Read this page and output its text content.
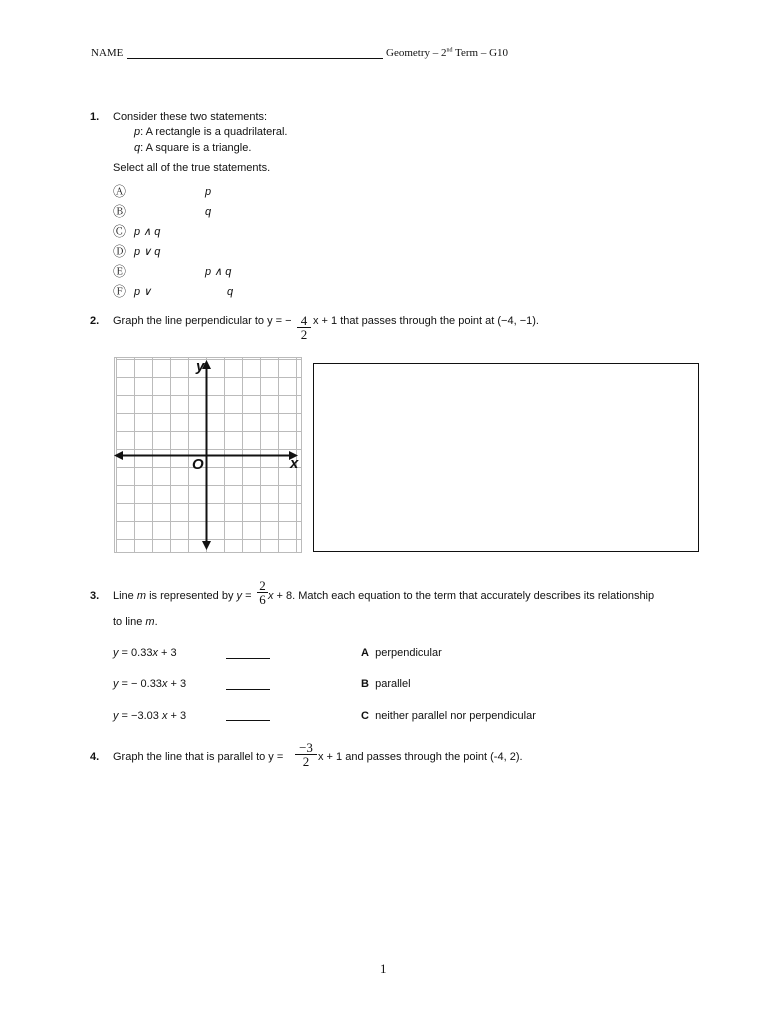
NAME	Geometry – 2nd Term – G10
1. Consider these two statements:
p: A rectangle is a quadrilateral.
q: A square is a triangle.
Select all of the true statements.
Ⓐ	p
Ⓑ	q
Ⓒ p ∧ q
Ⓓ p ∨ q
Ⓔ	p ∧ q
Ⓕ p ∨	q
2. Graph the line perpendicular to y = − $\frac{4}{2}$ x + 1 that passes through the point at (−4, −1).
y
x
O
3. Line m is represented by $y = \frac{2}{6}$ x + 8. Match each equation to the term that accurately describes its relationship
to line m.
y = 0.33x + 3	A perpendicular
y = − 0.33x + 3	B parallel
y = −3.03 x + 3	C neither parallel nor perpendicular
4. Graph the line that is parallel to $y = \frac{-3}{2}$ x + 1 and passes through the point (-4, 2).
1
